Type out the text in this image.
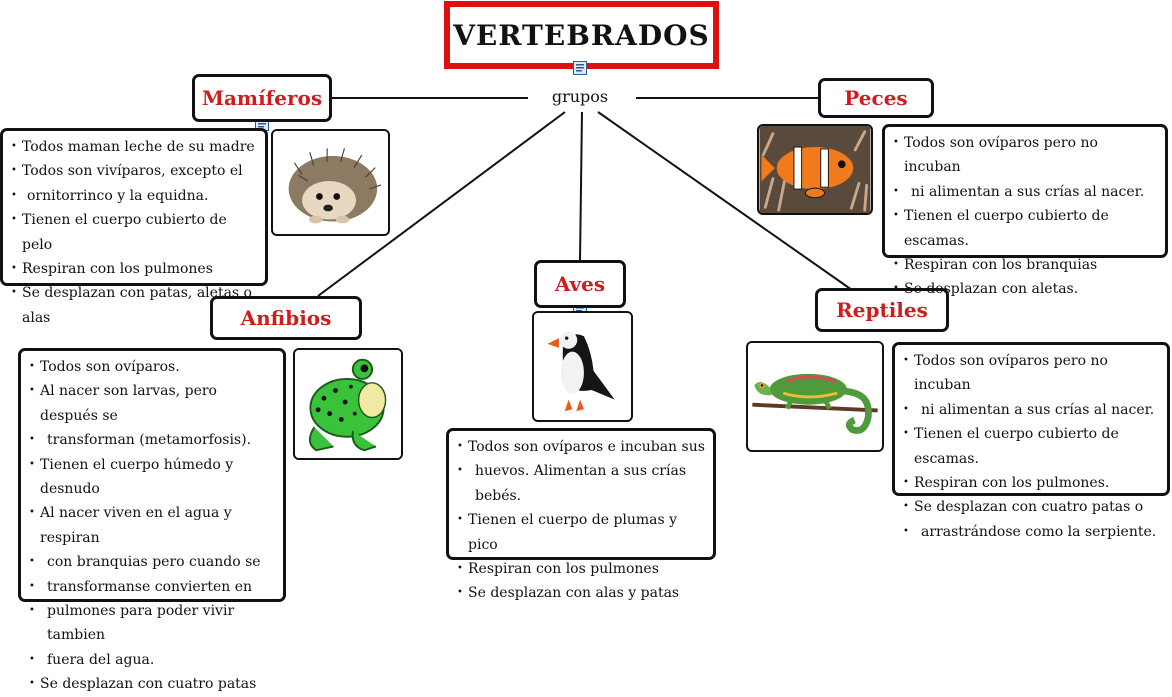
VERTEBRADOS
grupos
Mamíferos	Peces
Anfibios
Aves
Reptiles
• Todos maman leche de su madre
• Todos son vivíparos, excepto el
• ornitorrinco y la equidna.
• Tienen el cuerpo cubierto de pelo
• Respiran con los pulmones
• Se desplazan con patas, aletas o alas
• Todos son ovíparos pero no incuban
• ni alimentan a sus crías al nacer.
• Tienen el cuerpo cubierto de escamas.
• Respiran con los branquias
• Se desplazan con aletas.
• Todos son ovíparos.
• Al nacer son larvas, pero después se
• transforman (metamorfosis).
• Tienen el cuerpo húmedo y desnudo
• Al nacer viven en el agua y respiran
• con branquias pero cuando se
• transformanse convierten en
• pulmones para poder vivir tambien
• fuera del agua.
• Se desplazan con cuatro patas
• Todos son ovíparos e incuban sus
• huevos. Alimentan a sus crías bebés.
• Tienen el cuerpo de plumas y pico
• Respiran con los pulmones
• Se desplazan con alas y patas
• Todos son ovíparos pero no incuban
• ni alimentan a sus crías al nacer.
• Tienen el cuerpo cubierto de escamas.
• Respiran con los pulmones.
• Se desplazan con cuatro patas o
• arrastrándose como la serpiente.
